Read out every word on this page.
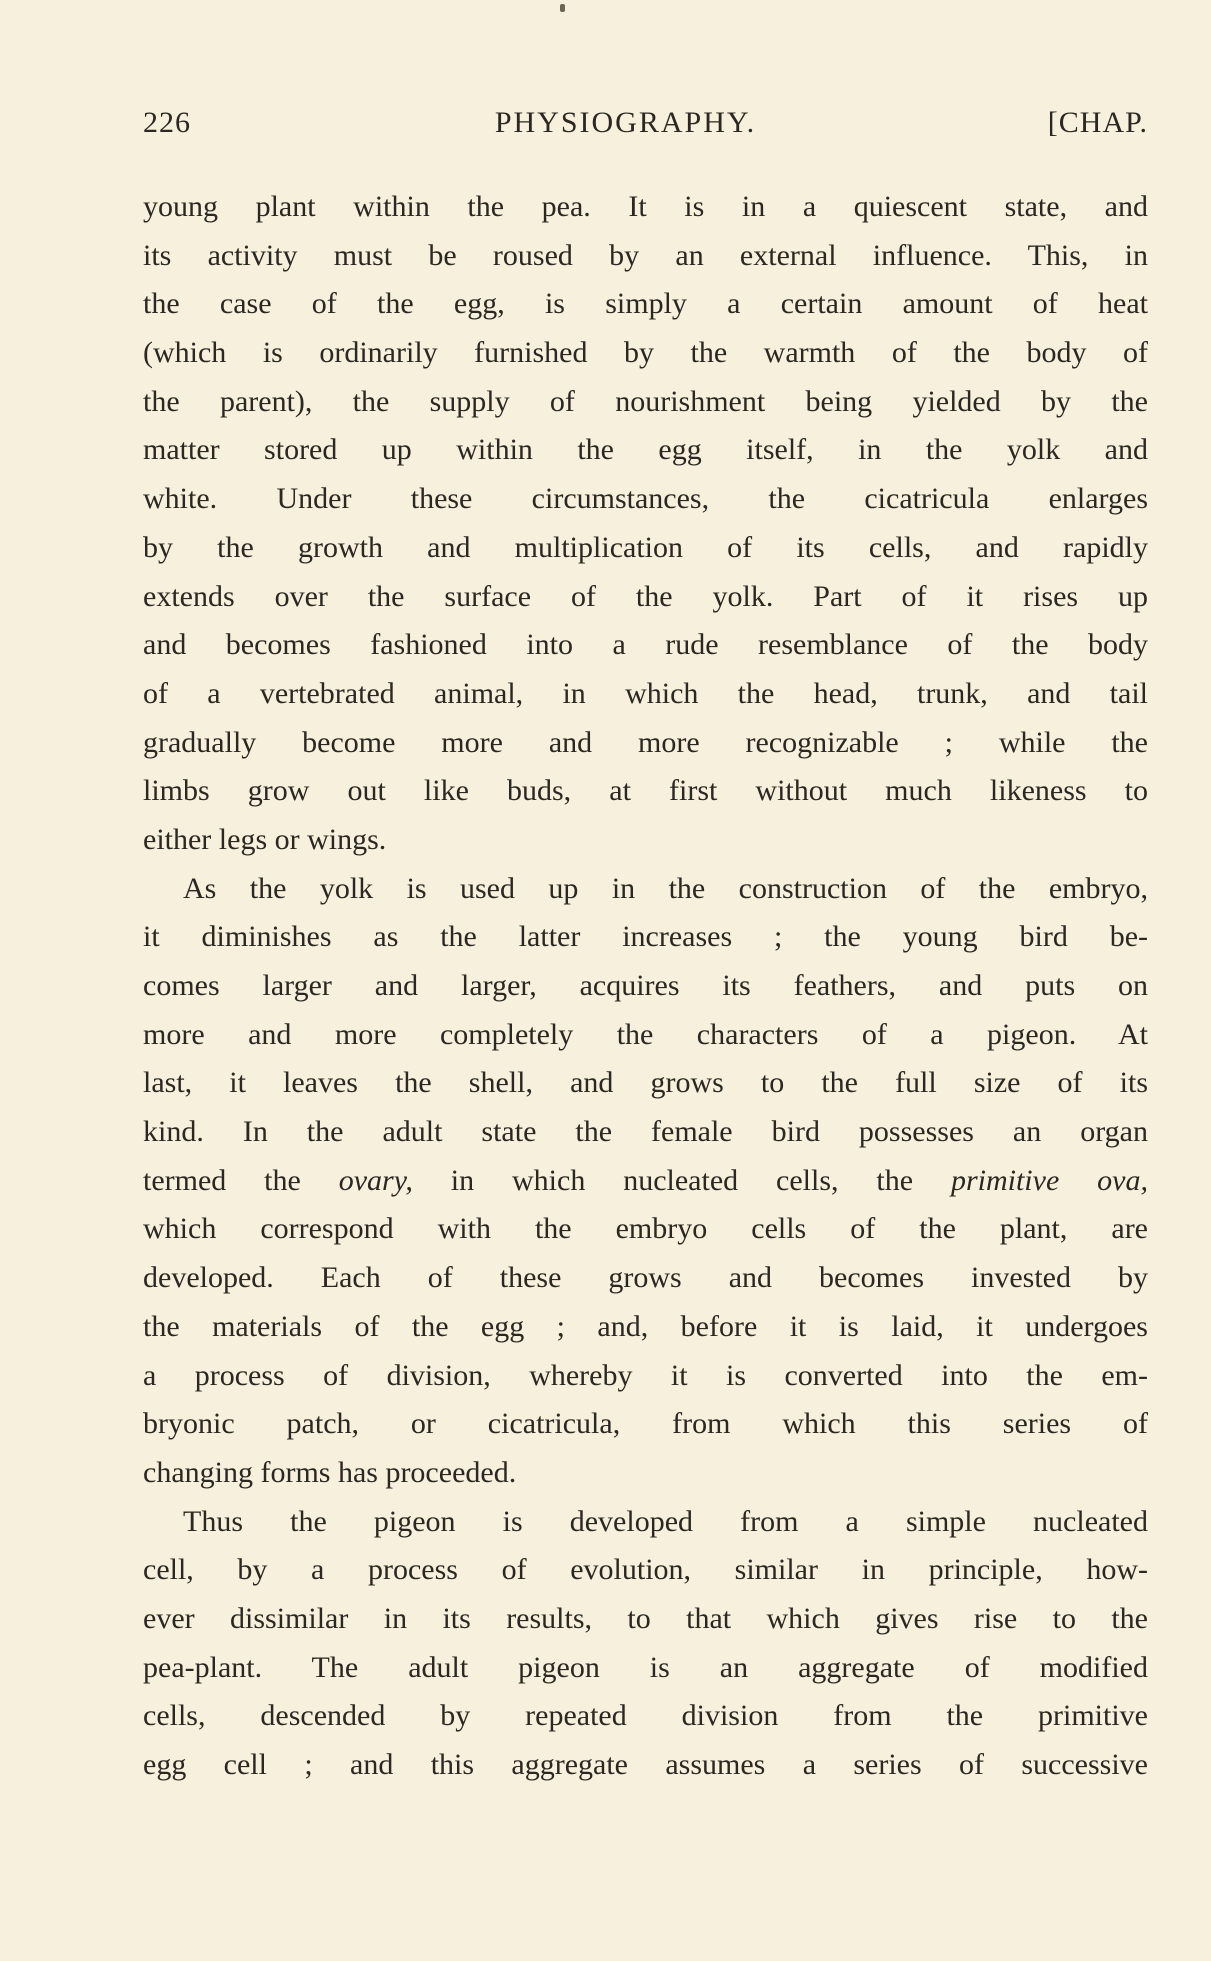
226	PHYSIOGRAPHY.	[CHAP.
young plant within the pea. It is in a quiescent state, and
its activity must be roused by an external influence. This, in
the case of the egg, is simply a certain amount of heat
(which is ordinarily furnished by the warmth of the body of
the parent), the supply of nourishment being yielded by the
matter stored up within the egg itself, in the yolk and
white. Under these circumstances, the cicatricula enlarges
by the growth and multiplication of its cells, and rapidly
extends over the surface of the yolk. Part of it rises up
and becomes fashioned into a rude resemblance of the body
of a vertebrated animal, in which the head, trunk, and tail
gradually become more and more recognizable ; while the
limbs grow out like buds, at first without much likeness to
either legs or wings.
As the yolk is used up in the construction of the embryo,
it diminishes as the latter increases ; the young bird be-
comes larger and larger, acquires its feathers, and puts on
more and more completely the characters of a pigeon. At
last, it leaves the shell, and grows to the full size of its
kind. In the adult state the female bird possesses an organ
termed the ovary, in which nucleated cells, the primitive ova,
which correspond with the embryo cells of the plant, are
developed. Each of these grows and becomes invested by
the materials of the egg ; and, before it is laid, it undergoes
a process of division, whereby it is converted into the em-
bryonic patch, or cicatricula, from which this series of
changing forms has proceeded.
Thus the pigeon is developed from a simple nucleated
cell, by a process of evolution, similar in principle, how-
ever dissimilar in its results, to that which gives rise to the
pea-plant. The adult pigeon is an aggregate of modified
cells, descended by repeated division from the primitive
egg cell ; and this aggregate assumes a series of successive
